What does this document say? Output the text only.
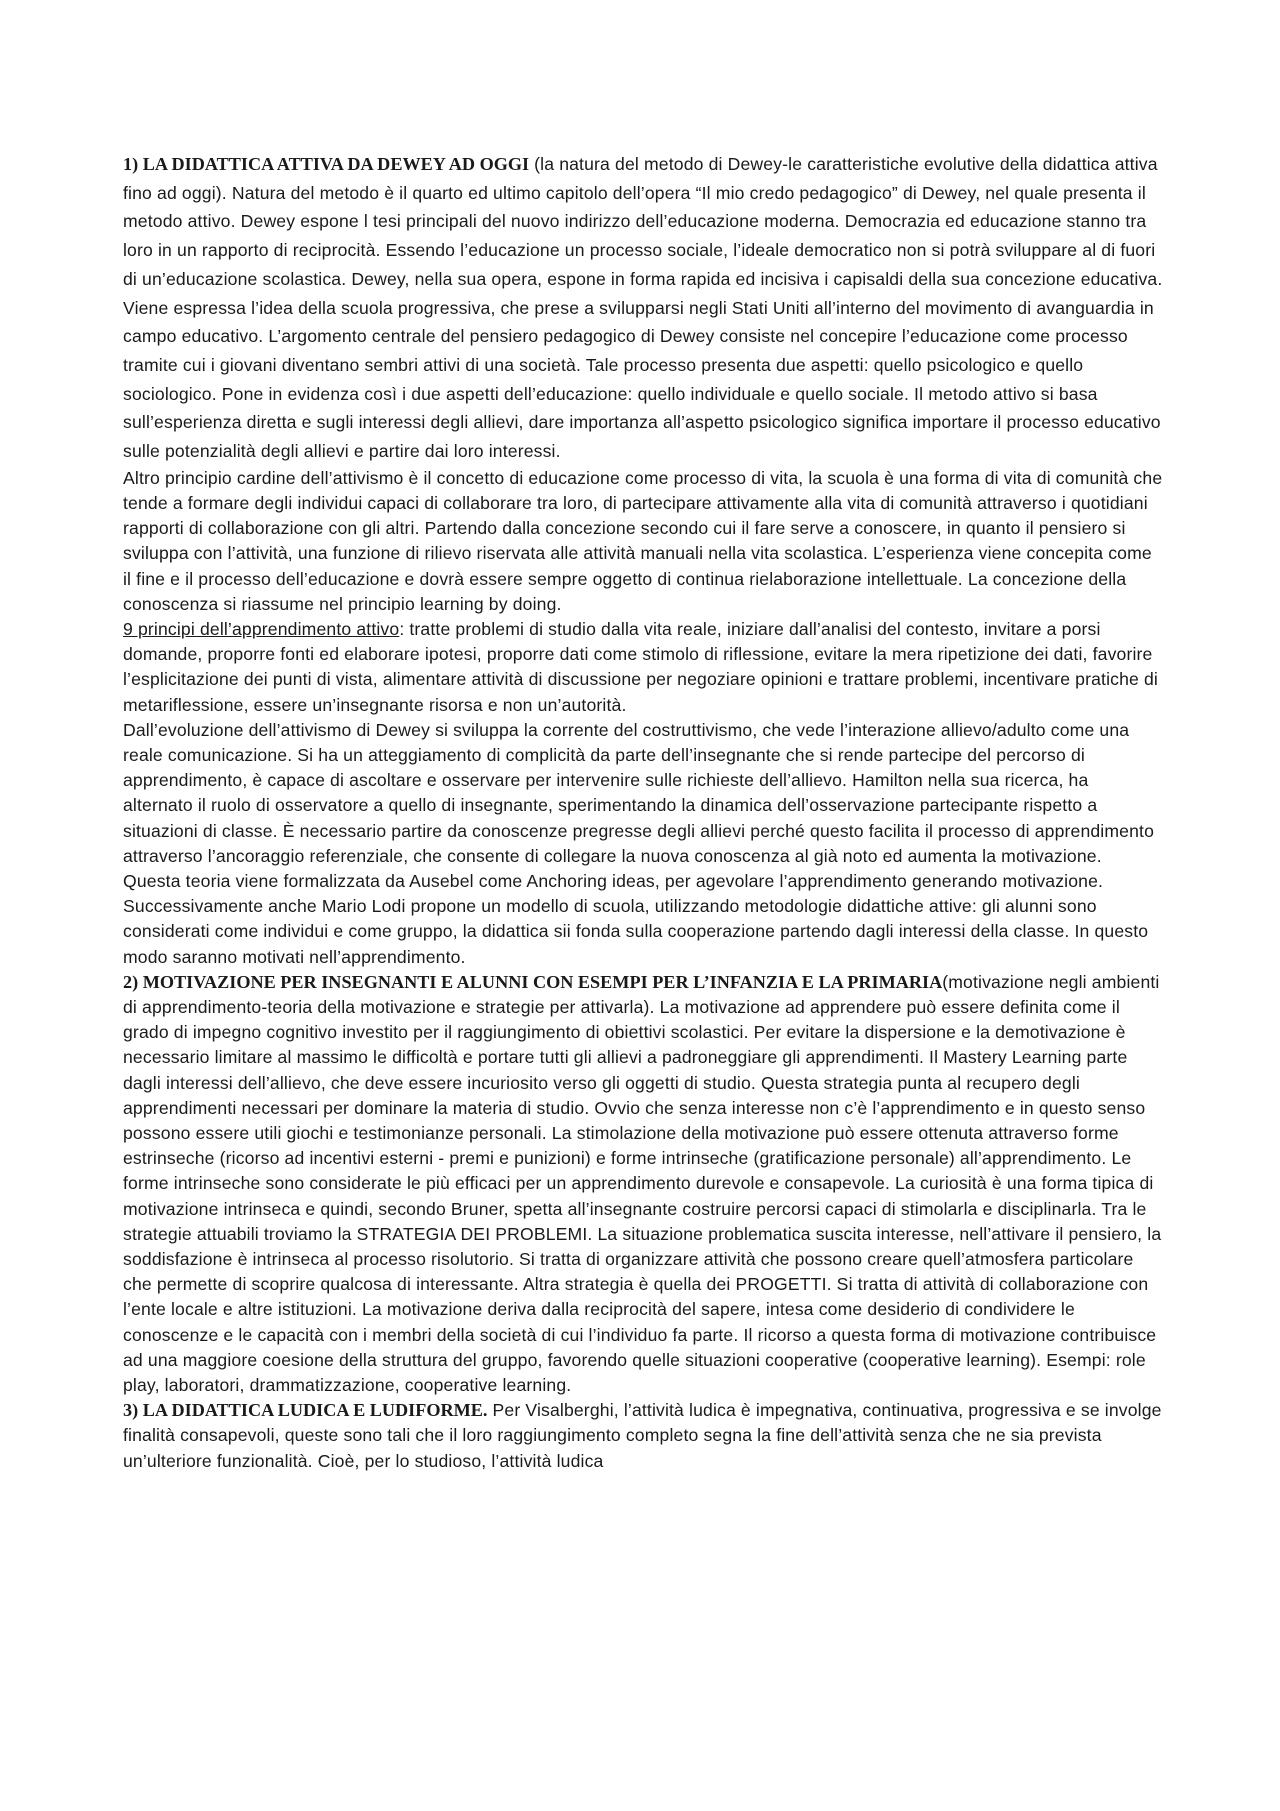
1) LA DIDATTICA ATTIVA DA DEWEY AD OGGI (la natura del metodo di Dewey-le caratteristiche evolutive della didattica attiva fino ad oggi). Natura del metodo è il quarto ed ultimo capitolo dell’opera “Il mio credo pedagogico” di Dewey, nel quale presenta il metodo attivo. Dewey espone l tesi principali del nuovo indirizzo dell’educazione moderna. Democrazia ed educazione stanno tra loro in un rapporto di reciprocità. Essendo l’educazione un processo sociale, l’ideale democratico non si potrà sviluppare al di fuori di un’educazione scolastica. Dewey, nella sua opera, espone in forma rapida ed incisiva i capisaldi della sua concezione educativa. Viene espressa l’idea della scuola progressiva, che prese a svilupparsi negli Stati Uniti all’interno del movimento di avanguardia in campo educativo. L’argomento centrale del pensiero pedagogico di Dewey consiste nel concepire l’educazione come processo tramite cui i giovani diventano sembri attivi di una società. Tale processo presenta due aspetti: quello psicologico e quello sociologico. Pone in evidenza così i due aspetti dell’educazione: quello individuale e quello sociale. Il metodo attivo si basa sull’esperienza diretta e sugli interessi degli allievi, dare importanza all’aspetto psicologico significa importare il processo educativo sulle potenzialità degli allievi e partire dai loro interessi.

Altro principio cardine dell’attivismo è il concetto di educazione come processo di vita, la scuola è una forma di vita di comunità che tende a formare degli individui capaci di collaborare tra loro, di partecipare attivamente alla vita di comunità attraverso i quotidiani rapporti di collaborazione con gli altri. Partendo dalla concezione secondo cui il fare serve a conoscere, in quanto il pensiero si sviluppa con l’attività, una funzione di rilievo riservata alle attività manuali nella vita scolastica. L’esperienza viene concepita come il fine e il processo dell’educazione e dovrà essere sempre oggetto di continua rielaborazione intellettuale. La concezione della conoscenza si riassume nel principio learning by doing.
9 principi dell’apprendimento attivo: tratte problemi di studio dalla vita reale, iniziare dall’analisi del contesto, invitare a porsi domande, proporre fonti ed elaborare ipotesi, proporre dati come stimolo di riflessione, evitare la mera ripetizione dei dati, favorire l’esplicitazione dei punti di vista, alimentare attività di discussione per negoziare opinioni e trattare problemi, incentivare pratiche di metariflessione, essere un’insegnante risorsa e non un’autorità.
Dall’evoluzione dell’attivismo di Dewey si sviluppa la corrente del costruttivismo, che vede l’interazione allievo/adulto come una reale comunicazione. Si ha un atteggiamento di complicità da parte dell’insegnante che si rende partecipe del percorso di apprendimento, è capace di ascoltare e osservare per intervenire sulle richieste dell’allievo. Hamilton nella sua ricerca, ha alternato il ruolo di osservatore a quello di insegnante, sperimentando la dinamica dell’osservazione partecipante rispetto a situazioni di classe. È necessario partire da conoscenze pregresse degli allievi perché questo facilita il processo di apprendimento attraverso l’ancoraggio referenziale, che consente di collegare la nuova conoscenza al già noto ed aumenta la motivazione. Questa teoria viene formalizzata da Ausebel come Anchoring ideas, per agevolare l’apprendimento generando motivazione. Successivamente anche Mario Lodi propone un modello di scuola, utilizzando metodologie didattiche attive: gli alunni sono considerati come individui e come gruppo, la didattica sii fonda sulla cooperazione partendo dagli interessi della classe. In questo modo saranno motivati nell’apprendimento.
2) MOTIVAZIONE PER INSEGNANTI E ALUNNI CON ESEMPI PER L’INFANZIA E LA PRIMARIA(motivazione negli ambienti di apprendimento-teoria della motivazione e strategie per attivarla). La motivazione ad apprendere può essere definita come il grado di impegno cognitivo investito per il raggiungimento di obiettivi scolastici. Per evitare la dispersione e la demotivazione è necessario limitare al massimo le difficoltà e portare tutti gli allievi a padroneggiare gli apprendimenti. Il Mastery Learning parte dagli interessi dell’allievo, che deve essere incuriosito verso gli oggetti di studio. Questa strategia punta al recupero degli apprendimenti necessari per dominare la materia di studio. Ovvio che senza interesse non c’è l’apprendimento e in questo senso possono essere utili giochi e testimonianze personali. La stimolazione della motivazione può essere ottenuta attraverso forme estrinseche (ricorso ad incentivi esterni - premi e punizioni) e forme intrinseche (gratificazione personale) all’apprendimento. Le forme intrinseche sono considerate le più efficaci per un apprendimento durevole e consapevole. La curiosità è una forma tipica di motivazione intrinseca e quindi, secondo Bruner, spetta all’insegnante costruire percorsi capaci di stimolarla e disciplinarla. Tra le strategie attuabili troviamo la STRATEGIA DEI PROBLEMI. La situazione problematica suscita interesse, nell’attivare il pensiero, la soddisfazione è intrinseca al processo risolutorio. Si tratta di organizzare attività che possono creare quell’atmosfera particolare che permette di scoprire qualcosa di interessante. Altra strategia è quella dei PROGETTI. Si tratta di attività di collaborazione con l’ente locale e altre istituzioni. La motivazione deriva dalla reciprocità del sapere, intesa come desiderio di condividere le conoscenze e le capacità con i membri della società di cui l’individuo fa parte. Il ricorso a questa forma di motivazione contribuisce ad una maggiore coesione della struttura del gruppo, favorendo quelle situazioni cooperative (cooperative learning). Esempi: role play, laboratori, drammatizzazione, cooperative learning.
3) LA DIDATTICA LUDICA E LUDIFORME. Per Visalberghi, l’attività ludica è impegnativa, continuativa, progressiva e se involge finalità consapevoli, queste sono tali che il loro raggiungimento completo segna la fine dell’attività senza che ne sia prevista un’ulteriore funzionalità. Cioè, per lo studioso, l’attività ludica
